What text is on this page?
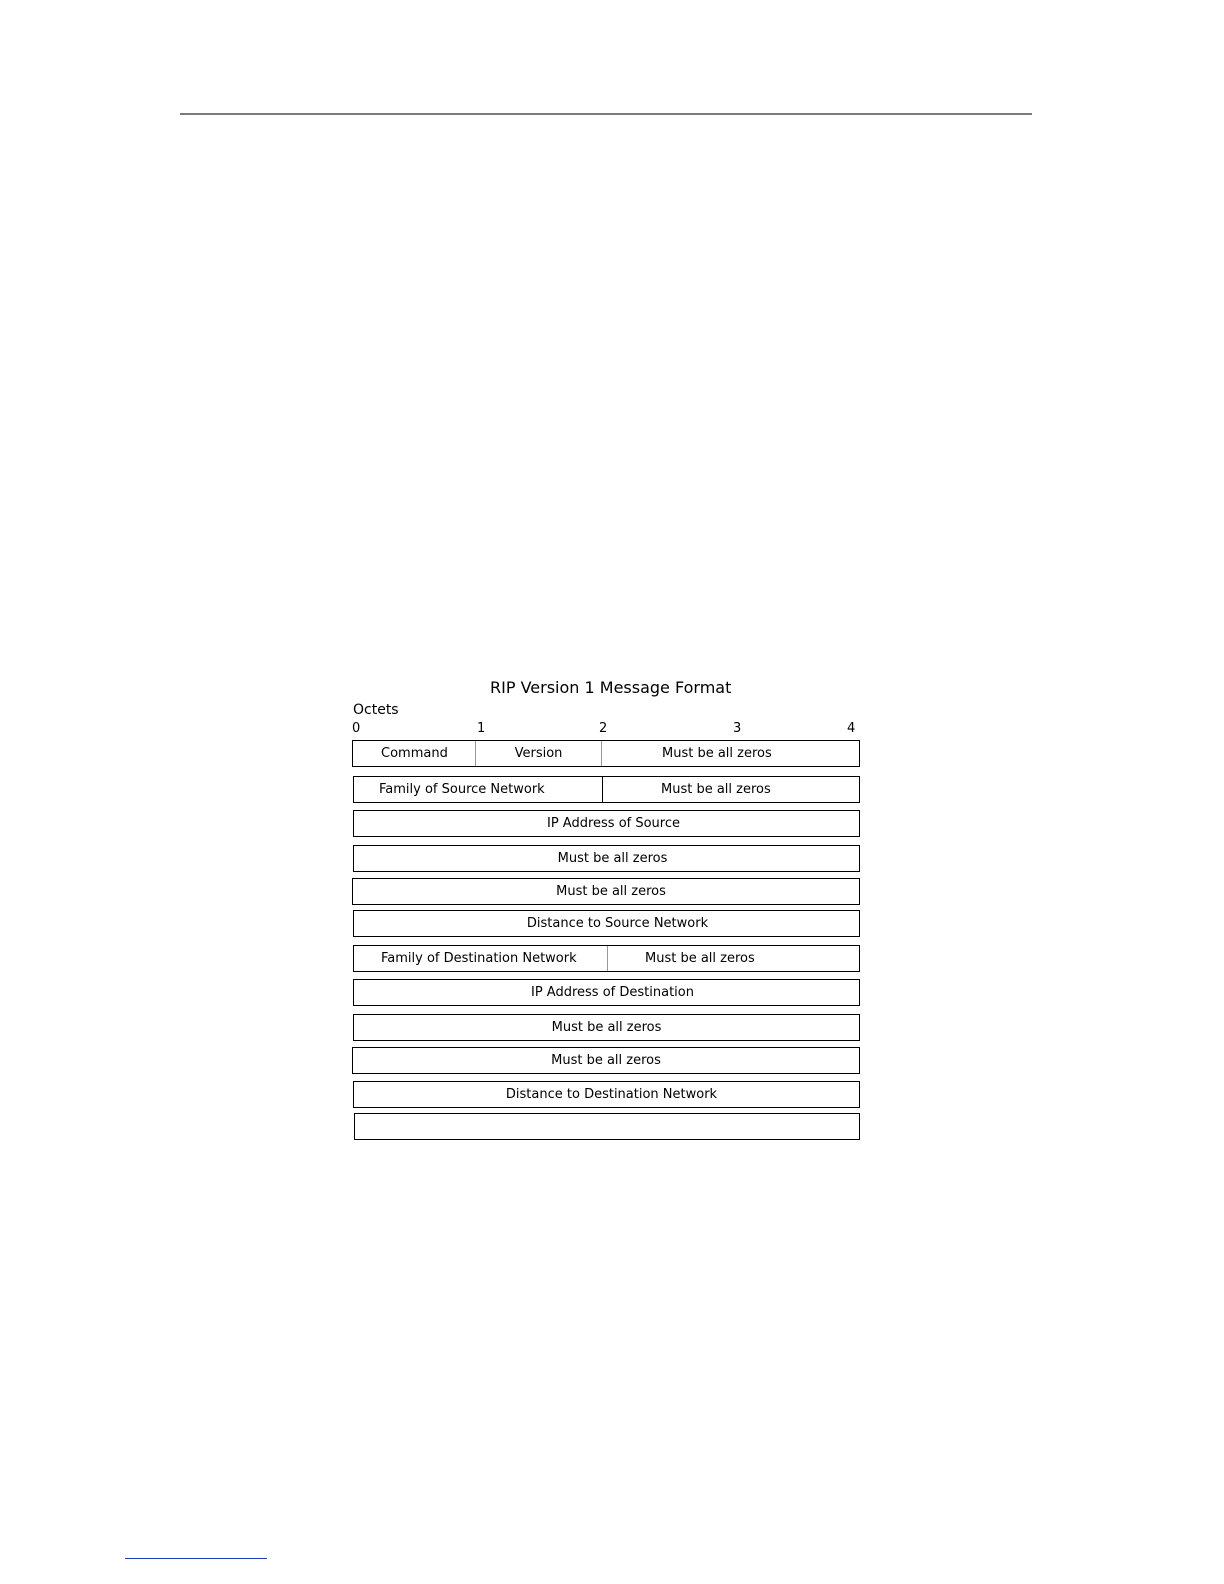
RIP Version 1 Message Format
Octets
0	1	2	3	4
Command	Version	Must be all zeros
Family of Source Network	Must be all zeros
IP Address of Source
Must be all zeros
Must be all zeros
Distance to Source Network
Family of Destination Network	Must be all zeros
IP Address of Destination
Must be all zeros
Must be all zeros
Distance to Destination Network
